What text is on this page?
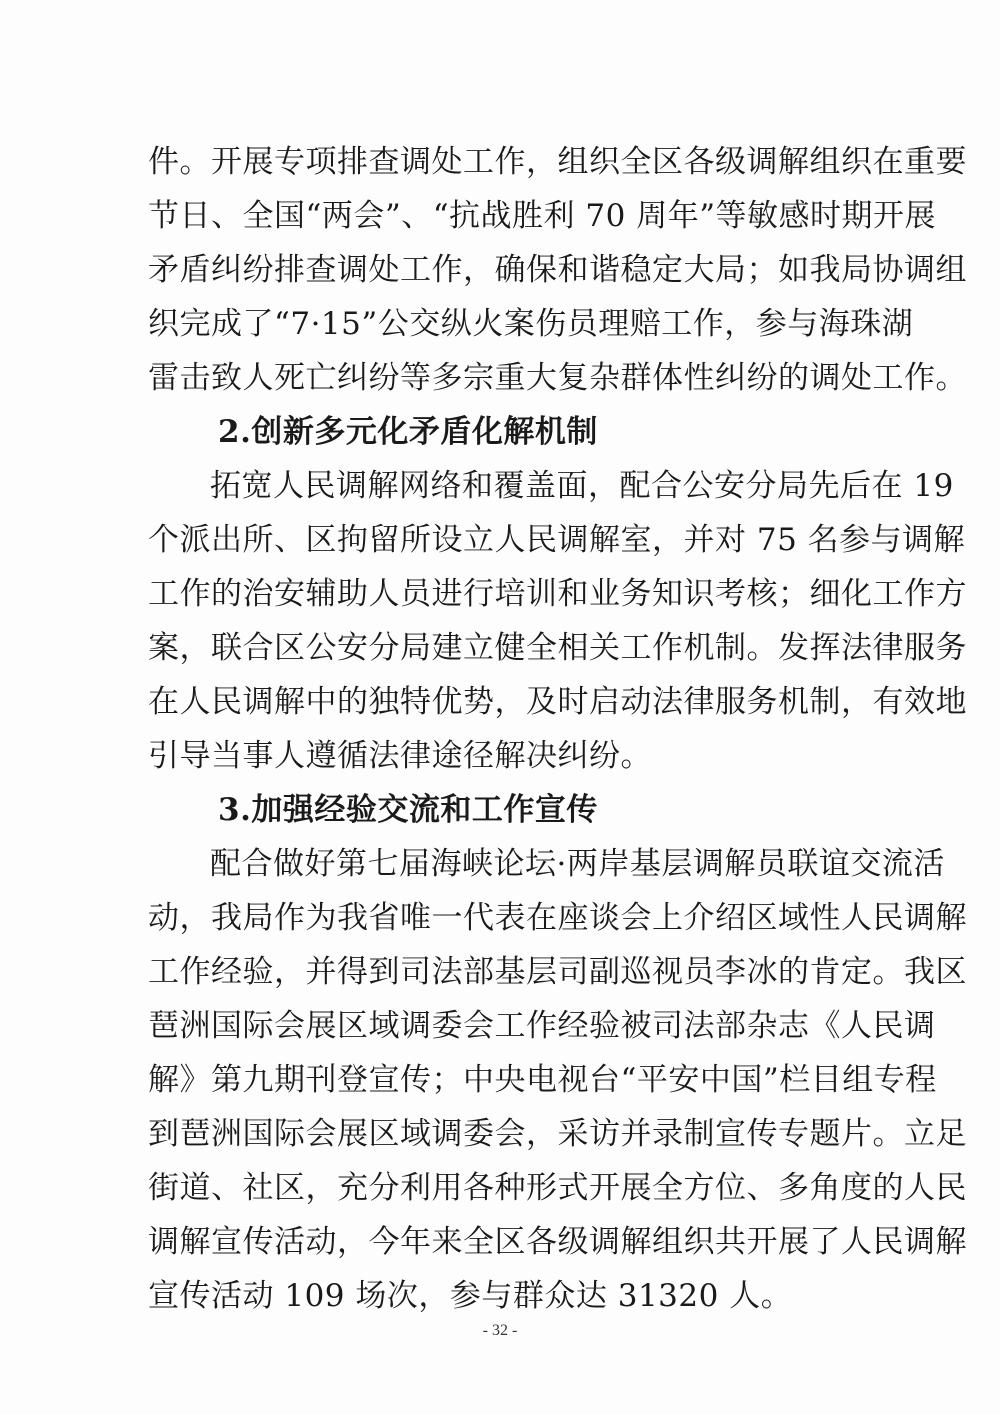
件。开展专项排查调处工作，组织全区各级调解组织在重要
节日、全国“两会”、“抗战胜利 70 周年”等敏感时期开展
矛盾纠纷排查调处工作，确保和谐稳定大局；如我局协调组
织完成了“7·15”公交纵火案伤员理赔工作，参与海珠湖
雷击致人死亡纠纷等多宗重大复杂群体性纠纷的调处工作。
2.创新多元化矛盾化解机制
拓宽人民调解网络和覆盖面，配合公安分局先后在 19
个派出所、区拘留所设立人民调解室，并对 75 名参与调解
工作的治安辅助人员进行培训和业务知识考核；细化工作方
案，联合区公安分局建立健全相关工作机制。发挥法律服务
在人民调解中的独特优势，及时启动法律服务机制，有效地
引导当事人遵循法律途径解决纠纷。
3.加强经验交流和工作宣传
配合做好第七届海峡论坛·两岸基层调解员联谊交流活
动，我局作为我省唯一代表在座谈会上介绍区域性人民调解
工作经验，并得到司法部基层司副巡视员李冰的肯定。我区
琶洲国际会展区域调委会工作经验被司法部杂志《人民调
解》第九期刊登宣传；中央电视台“平安中国”栏目组专程
到琶洲国际会展区域调委会，采访并录制宣传专题片。立足
街道、社区，充分利用各种形式开展全方位、多角度的人民
调解宣传活动，今年来全区各级调解组织共开展了人民调解
宣传活动 109 场次，参与群众达 31320 人。
- 32 -
